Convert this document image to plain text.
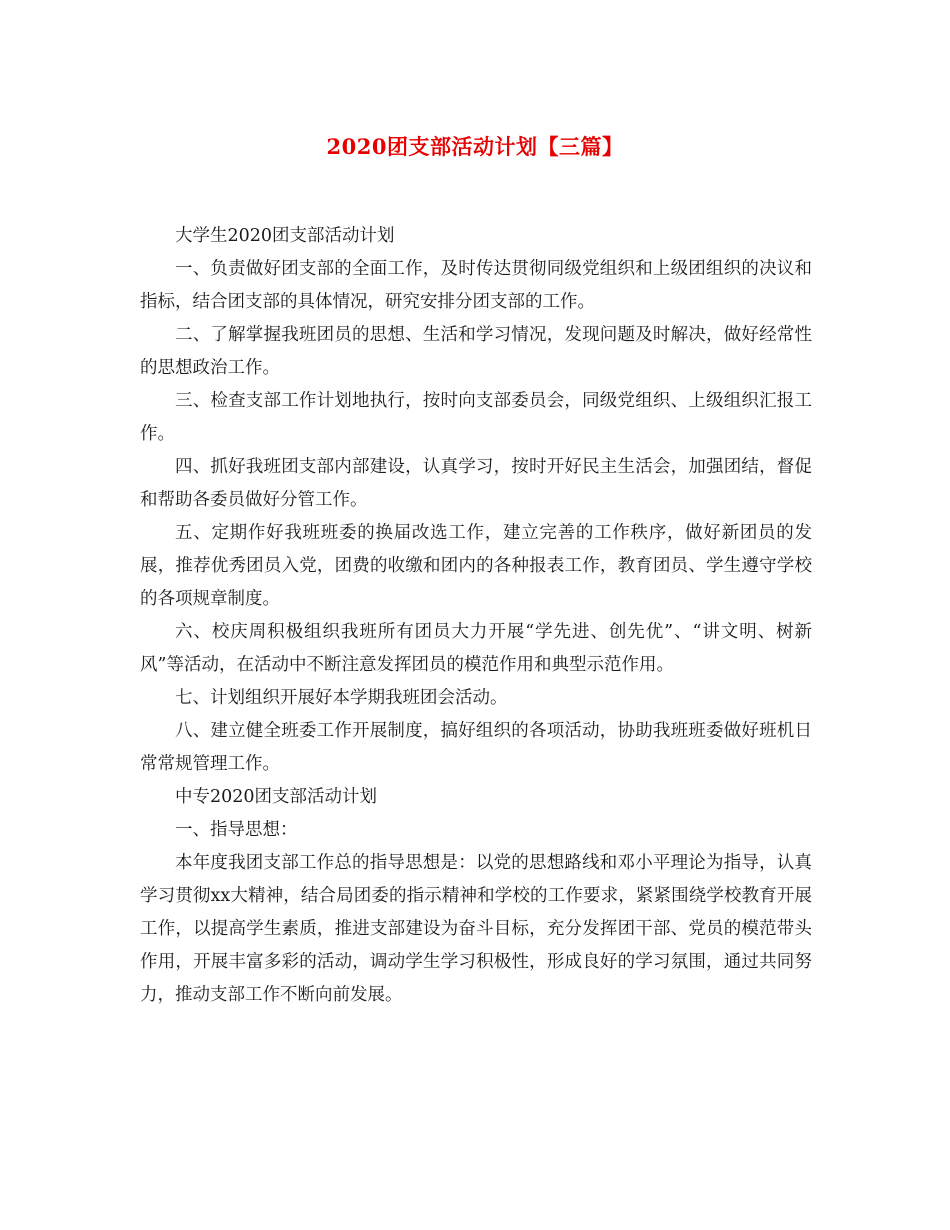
2020团支部活动计划【三篇】

大学生2020团支部活动计划

一、负责做好团支部的全面工作，及时传达贯彻同级党组织和上级团组织的决议和指标，结合团支部的具体情况，研究安排分团支部的工作。

二、了解掌握我班团员的思想、生活和学习情况，发现问题及时解决，做好经常性的思想政治工作。

三、检查支部工作计划地执行，按时向支部委员会，同级党组织、上级组织汇报工作。

四、抓好我班团支部内部建设，认真学习，按时开好民主生活会，加强团结，督促和帮助各委员做好分管工作。

五、定期作好我班班委的换届改选工作，建立完善的工作秩序，做好新团员的发展，推荐优秀团员入党，团费的收缴和团内的各种报表工作，教育团员、学生遵守学校的各项规章制度。

六、校庆周积极组织我班所有团员大力开展“学先进、创先优”、“讲文明、树新风”等活动，在活动中不断注意发挥团员的模范作用和典型示范作用。

七、计划组织开展好本学期我班团会活动。

八、建立健全班委工作开展制度，搞好组织的各项活动，协助我班班委做好班机日常常规管理工作。

中专2020团支部活动计划

一、指导思想：

本年度我团支部工作总的指导思想是：以党的思想路线和邓小平理论为指导，认真学习贯彻xx大精神，结合局团委的指示精神和学校的工作要求，紧紧围绕学校教育开展工作，以提高学生素质，推进支部建设为奋斗目标，充分发挥团干部、党员的模范带头作用，开展丰富多彩的活动，调动学生学习积极性，形成良好的学习氛围，通过共同努力，推动支部工作不断向前发展。
